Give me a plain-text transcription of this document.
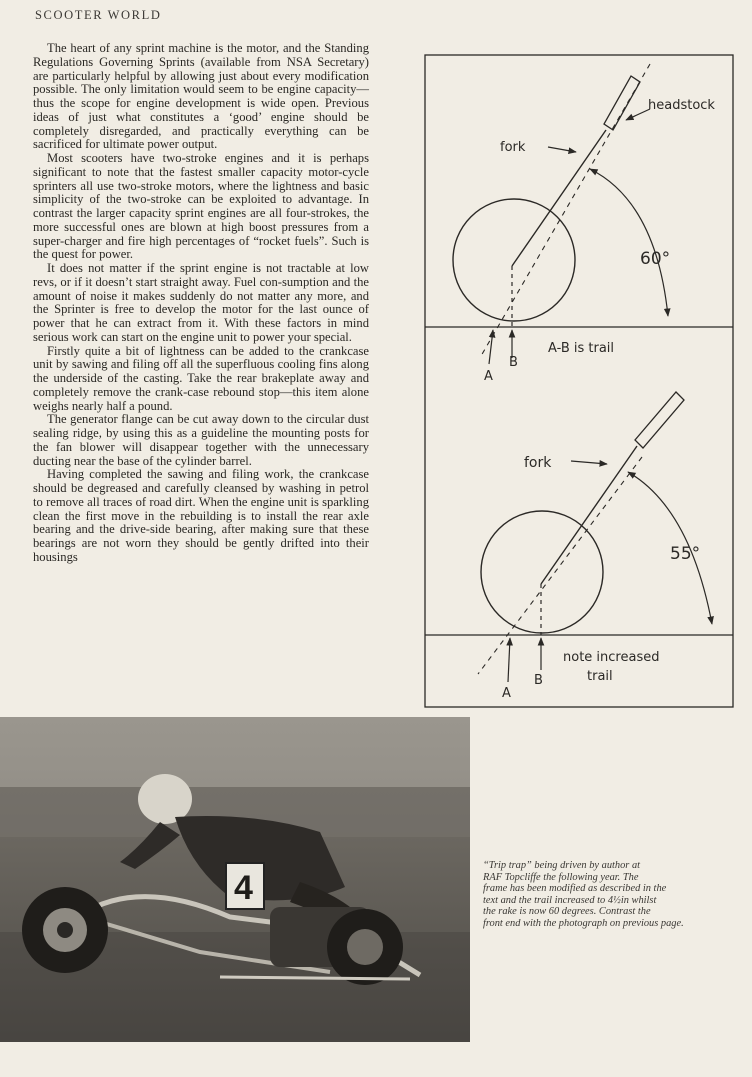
SCOOTER WORLD

The heart of any sprint machine is the motor, and the Standing Regulations Governing Sprints (available from NSA Secretary) are particularly helpful by allowing just about every modification possible. The only limitation would seem to be engine capacity—thus the scope for engine development is wide open. Previous ideas of just what constitutes a ‘good’ engine should be completely disregarded, and practically everything can be sacrificed for ultimate power output.

Most scooters have two-stroke engines and it is perhaps significant to note that the fastest smaller capacity motor-cycle sprinters all use two-stroke motors, where the lightness and basic simplicity of the two-stroke can be exploited to advantage. In contrast the larger capacity sprint engines are all four-strokes, the more successful ones are blown at high boost pressures from a super-charger and fire high percentages of “rocket fuels”. Such is the quest for power.

It does not matter if the sprint engine is not tractable at low revs, or if it doesn’t start straight away. Fuel con-sumption and the amount of noise it makes suddenly do not matter any more, and the Sprinter is free to develop the motor for the last ounce of power that he can extract from it. With these factors in mind serious work can start on the engine unit to power your special.

Firstly quite a bit of lightness can be added to the crankcase unit by sawing and filing off all the superfluous cooling fins along the underside of the casting. Take the rear brakeplate away and completely remove the crank-case rebound stop—this item alone weighs nearly half a pound.

The generator flange can be cut away down to the circular dust sealing ridge, by using this as a guideline the mounting posts for the fan blower will disappear together with the unnecessary ducting near the base of the cylinder barrel.

Having completed the sawing and filing work, the crankcase should be degreased and carefully cleansed by washing in petrol to remove all traces of road dirt. When the engine unit is sparkling clean the first move in the rebuilding is to install the rear axle bearing and the drive-side bearing, after making sure that these bearings are not worn they should be gently drifted into their housings

headstock
fork
60°
A
B
A-B is trail
fork
55°
A
B
note increased
trail
4
“Trip trap” being driven by author at
RAF Topcliffe the following year. The
frame has been modified as described in the
text and the trail increased to 4½in whilst
the rake is now 60 degrees. Contrast the
front end with the photograph on previous page.
